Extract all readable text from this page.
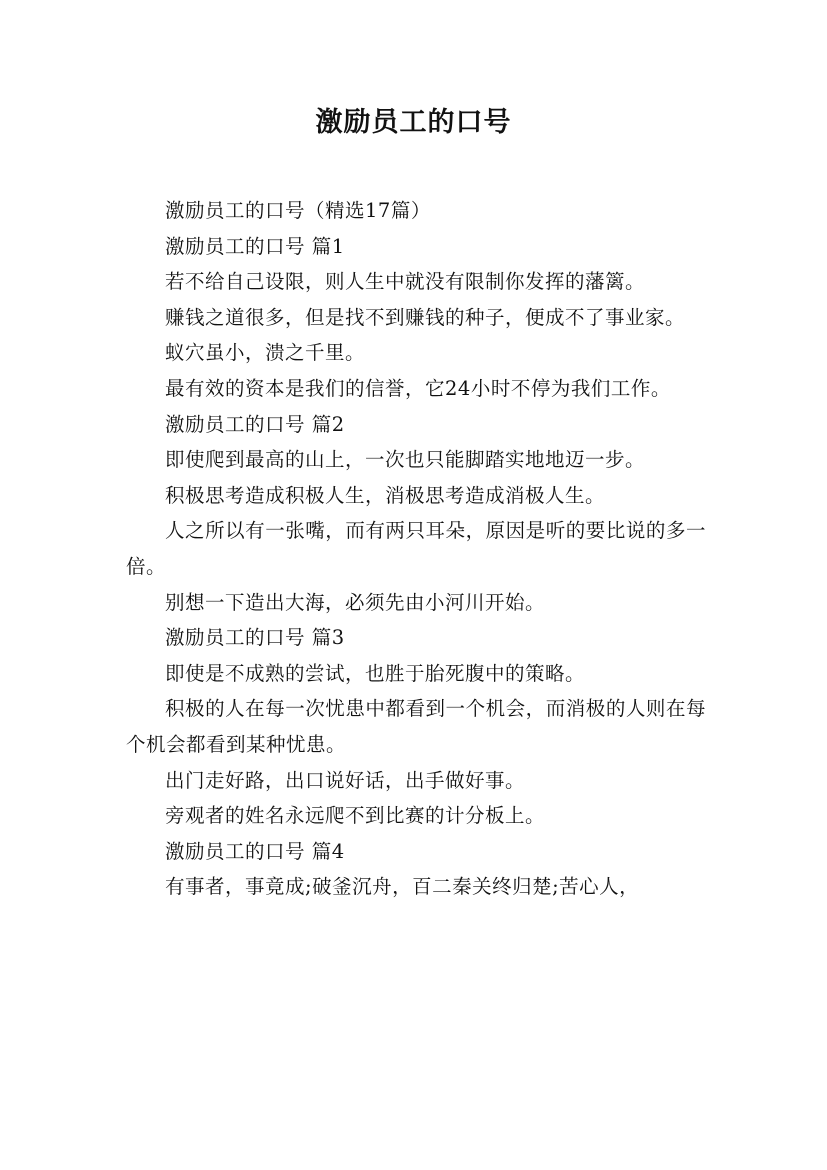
激励员工的口号

激励员工的口号（精选17篇）

激励员工的口号 篇1

若不给自己设限，则人生中就没有限制你发挥的藩篱。

赚钱之道很多，但是找不到赚钱的种子，便成不了事业家。

蚁穴虽小，溃之千里。

最有效的资本是我们的信誉，它24小时不停为我们工作。

激励员工的口号 篇2

即使爬到最高的山上，一次也只能脚踏实地地迈一步。

积极思考造成积极人生，消极思考造成消极人生。

人之所以有一张嘴，而有两只耳朵，原因是听的要比说的多一倍。

别想一下造出大海，必须先由小河川开始。

激励员工的口号 篇3

即使是不成熟的尝试，也胜于胎死腹中的策略。

积极的人在每一次忧患中都看到一个机会，而消极的人则在每个机会都看到某种忧患。

出门走好路，出口说好话，出手做好事。

旁观者的姓名永远爬不到比赛的计分板上。

激励员工的口号 篇4

有事者，事竟成;破釜沉舟，百二秦关终归楚;苦心人，
